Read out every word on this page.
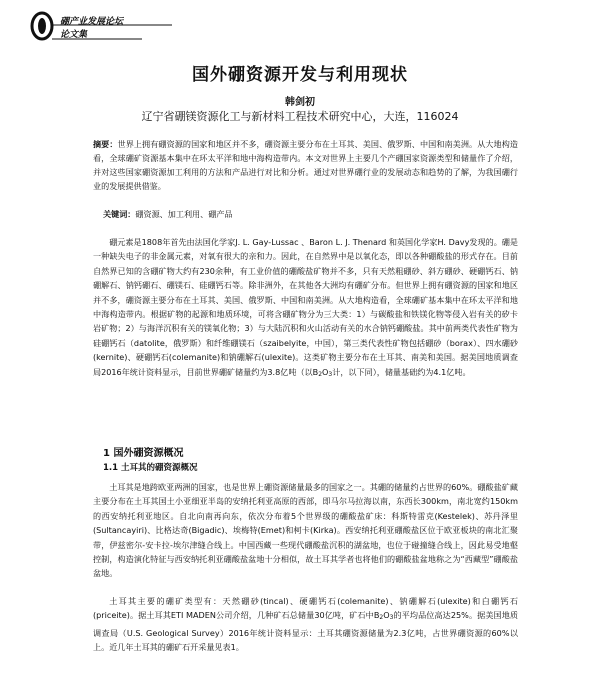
硼产业发展论坛
论文集
国外硼资源开发与利用现状
韩剑初
辽宁省硼镁资源化工与新材料工程技术研究中心，大连，116024

摘要：世界上拥有硼资源的国家和地区并不多，硼资源主要分布在土耳其、美国、俄罗斯、中国和南美洲。从大地构造看，全球硼矿资源基本集中在环太平洋和地中海构造带内。本文对世界上主要几个产硼国家资源类型和储量作了介绍，并对这些国家硼资源加工利用的方法和产品进行对比和分析。通过对世界硼行业的发展动态和趋势的了解，为我国硼行业的发展提供借鉴。

关键词：硼资源、加工利用、硼产品

硼元素是1808年首先由法国化学家J. L. Gay-Lussac 、Baron L. J. Thenard 和英国化学家H. Davy发现的。硼是一种缺失电子的非金属元素，对氧有很大的亲和力。因此，在自然界中是以氧化态，即以各种硼酸盐的形式存在。目前自然界已知的含硼矿物大约有230余种，有工业价值的硼酸盐矿物并不多，只有天然粗硼砂、斜方硼砂、硬硼钙石、钠硼解石、钠钙硼石、硼镁石、硅硼钙石等。除非洲外，在其他各大洲均有硼矿分布。但世界上拥有硼资源的国家和地区并不多，硼资源主要分布在土耳其、美国、俄罗斯、中国和南美洲。从大地构造看，全球硼矿基本集中在环太平洋和地中海构造带内。根据矿物的起源和地质环境，可将含硼矿物分为三大类：1）与碳酸盐和铁镁化物等侵入岩有关的矽卡岩矿物；2）与海洋沉积有关的镁氧化物；3）与大陆沉积和火山活动有关的水合钠钙硼酸盐。其中前两类代表性矿物为硅硼钙石（datolite，俄罗斯）和纤维硼镁石（szaibelyite，中国），第三类代表性矿物包括硼砂（borax）、四水硼砂(kernite)、硬硼钙石(colemanite)和钠硼解石(ulexite)。这类矿物主要分布在土耳其、南美和美国。据美国地质调查局2016年统计资料显示，目前世界硼矿储量约为3.8亿吨（以B2O3计，以下同），储量基础约为4.1亿吨。

1 国外硼资源概况
1.1 土耳其的硼资源概况

土耳其是地跨欧亚两洲的国家，也是世界上硼资源储量最多的国家之一。其硼的储量约占世界的60%。硼酸盐矿藏主要分布在土耳其国土小亚细亚半岛的安纳托利亚高原的西部，即马尔马拉海以南，东西长300km，南北宽约150km的西安纳托利亚地区。自北向南再向东，依次分布着5个世界级的硼酸盐矿床：科斯特雷克(Kestelek)、苏丹泽里(Sultancayiri)、比格达奇(Bigadic)、埃梅特(Emet)和柯卡(Kirka)。西安纳托利亚硼酸盐区位于欧亚板块的南北汇聚带，伊兹密尔-安卡拉-埃尔津缝合线上。中国西藏一些现代硼酸盐沉积的湖盆地，也位于碰撞缝合线上，因此易受地壑控制，构造演化特征与西安纳托利亚硼酸盐盆地十分相似，故土耳其学者也将他们的硼酸盐盆地称之为“西藏型”硼酸盐盆地。

土耳其主要的硼矿类型有：天然硼砂(tincal)、硬硼钙石(colemanite)、钠硼解石(ulexite)和白硼钙石(priceite)。据土耳其ETI MADEN公司介绍，几种矿石总储量30亿吨，矿石中B2O3的平均品位高达25%。据美国地质调查局（U.S. Geological Survey）2016年统计资料显示：土耳其硼资源储量为2.3亿吨，占世界硼资源的60%以上。近几年土耳其的硼矿石开采量见表1。
